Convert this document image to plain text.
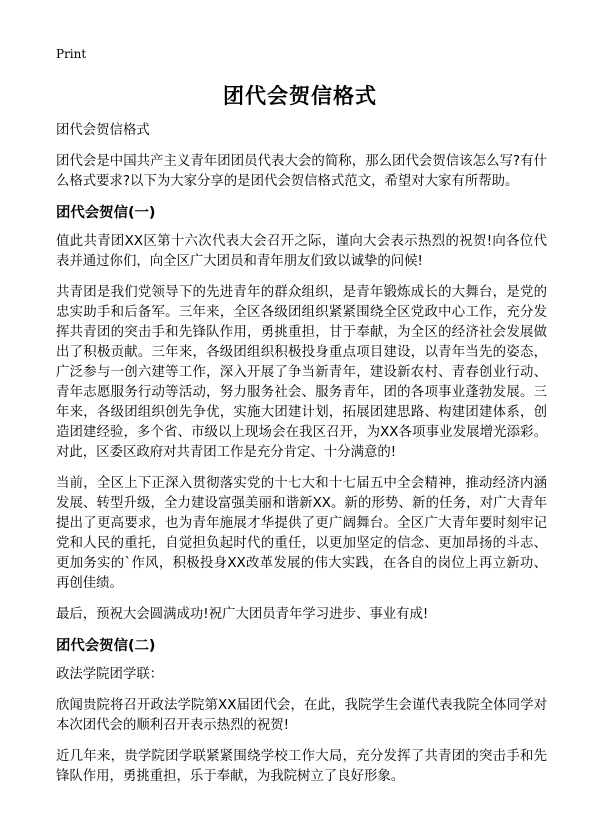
Print
团代会贺信格式

团代会贺信格式

团代会是中国共产主义青年团团员代表大会的简称，那么团代会贺信该怎么写?有什么格式要求?以下为大家分享的是团代会贺信格式范文，希望对大家有所帮助。

团代会贺信(一)

值此共青团XX区第十六次代表大会召开之际，谨向大会表示热烈的祝贺!向各位代表并通过你们，向全区广大团员和青年朋友们致以诚挚的问候!

共青团是我们党领导下的先进青年的群众组织，是青年锻炼成长的大舞台，是党的忠实助手和后备军。三年来，全区各级团组织紧紧围绕全区党政中心工作，充分发挥共青团的突击手和先锋队作用，勇挑重担，甘于奉献，为全区的经济社会发展做出了积极贡献。三年来，各级团组织积极投身重点项目建设，以青年当先的姿态，广泛参与一创六建等工作，深入开展了争当新青年，建设新农村、青春创业行动、青年志愿服务行动等活动，努力服务社会、服务青年，团的各项事业蓬勃发展。三年来，各级团组织创先争优，实施大团建计划，拓展团建思路、构建团建体系，创造团建经验，多个省、市级以上现场会在我区召开，为XX各项事业发展增光添彩。对此，区委区政府对共青团工作是充分肯定、十分满意的!

当前，全区上下正深入贯彻落实党的十七大和十七届五中全会精神，推动经济内涵发展、转型升级，全力建设富强美丽和谐新XX。新的形势、新的任务，对广大青年提出了更高要求，也为青年施展才华提供了更广阔舞台。全区广大青年要时刻牢记党和人民的重托，自觉担负起时代的重任，以更加坚定的信念、更加昂扬的斗志、更加务实的`作风，积极投身XX改革发展的伟大实践，在各自的岗位上再立新功、再创佳绩。

最后，预祝大会圆满成功!祝广大团员青年学习进步、事业有成!

团代会贺信(二)

政法学院团学联：

欣闻贵院将召开政法学院第XX届团代会，在此，我院学生会谨代表我院全体同学对本次团代会的顺利召开表示热烈的祝贺!

近几年来，贵学院团学联紧紧围绕学校工作大局，充分发挥了共青团的突击手和先锋队作用，勇挑重担，乐于奉献，为我院树立了良好形象。
